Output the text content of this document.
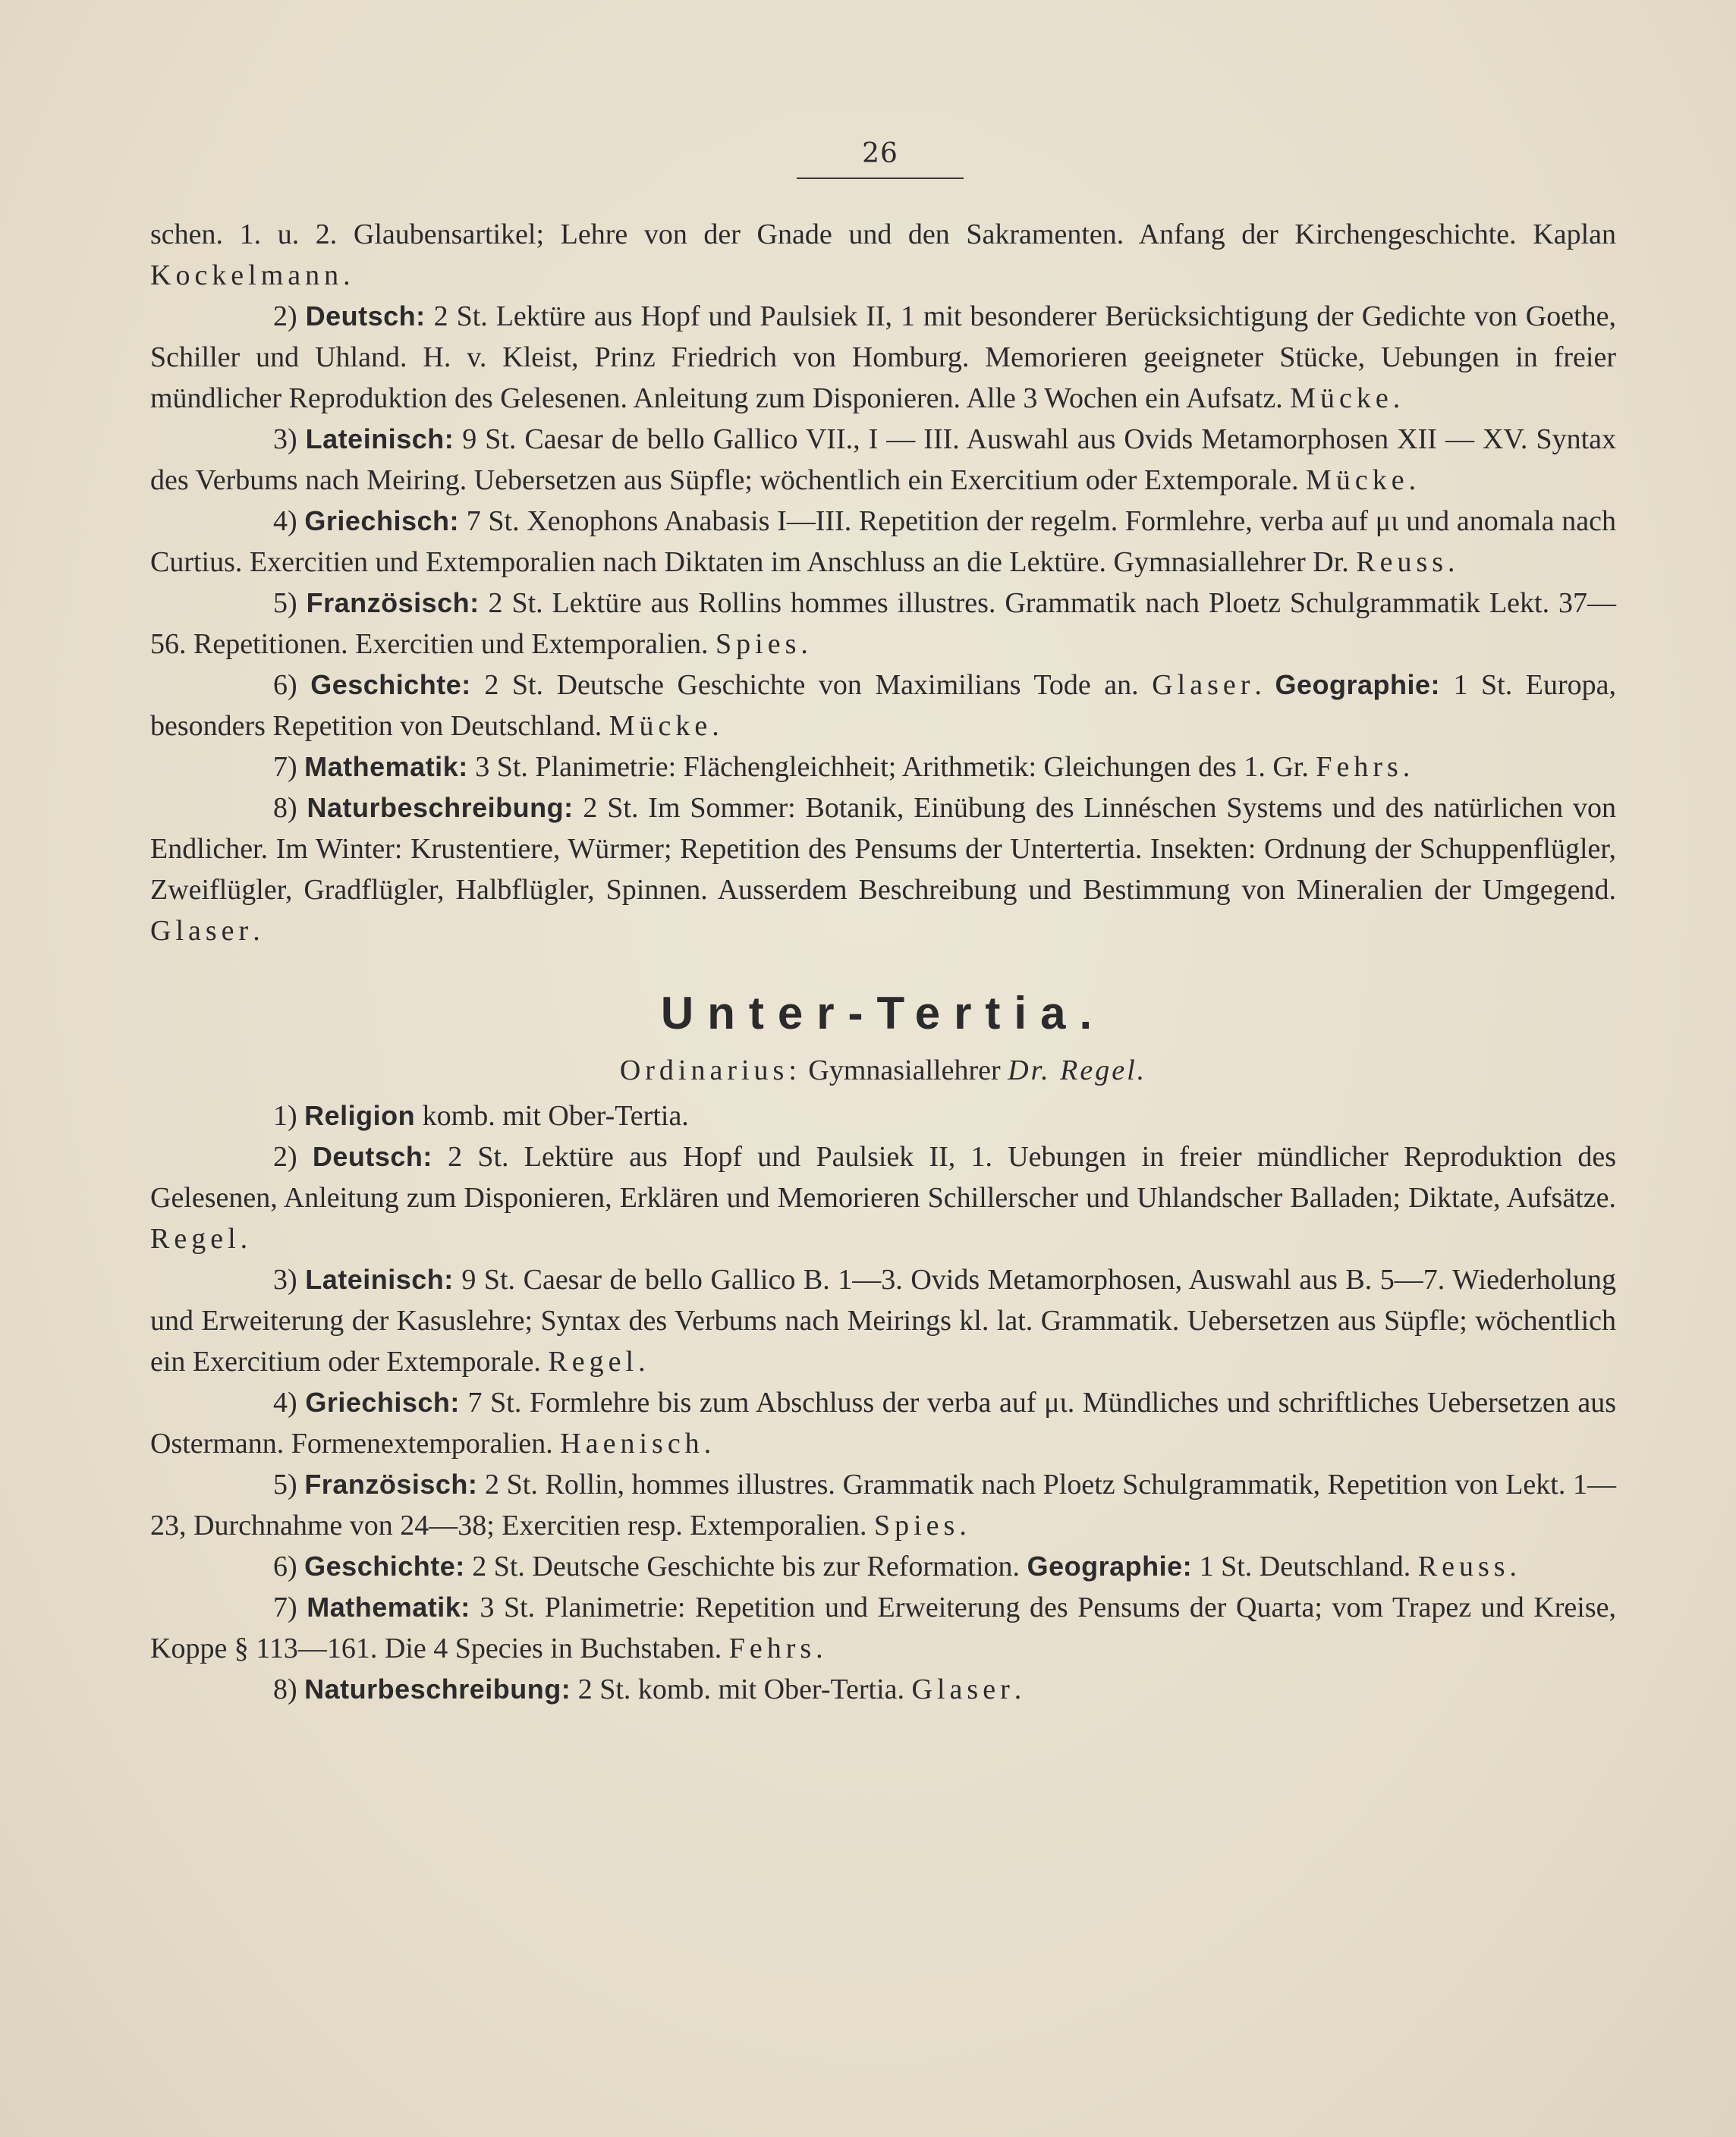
26

schen. 1. u. 2. Glaubensartikel; Lehre von der Gnade und den Sakramenten. Anfang der Kirchengeschichte. Kaplan Kockelmann.

2) Deutsch: 2 St. Lektüre aus Hopf und Paulsiek II, 1 mit besonderer Berücksichtigung der Gedichte von Goethe, Schiller und Uhland. H. v. Kleist, Prinz Friedrich von Homburg. Memorieren geeigneter Stücke, Uebungen in freier mündlicher Reproduktion des Gelesenen. Anleitung zum Disponieren. Alle 3 Wochen ein Aufsatz. Mücke.

3) Lateinisch: 9 St. Caesar de bello Gallico VII., I — III. Auswahl aus Ovids Metamorphosen XII — XV. Syntax des Verbums nach Meiring. Uebersetzen aus Süpfle; wöchentlich ein Exercitium oder Extemporale. Mücke.

4) Griechisch: 7 St. Xenophons Anabasis I—III. Repetition der regelm. Formlehre, verba auf μι und anomala nach Curtius. Exercitien und Extemporalien nach Diktaten im Anschluss an die Lektüre. Gymnasiallehrer Dr. Reuss.

5) Französisch: 2 St. Lektüre aus Rollins hommes illustres. Grammatik nach Ploetz Schulgrammatik Lekt. 37—56. Repetitionen. Exercitien und Extemporalien. Spies.

6) Geschichte: 2 St. Deutsche Geschichte von Maximilians Tode an. Glaser. Geographie: 1 St. Europa, besonders Repetition von Deutschland. Mücke.

7) Mathematik: 3 St. Planimetrie: Flächengleichheit; Arithmetik: Gleichungen des 1. Gr. Fehrs.

8) Naturbeschreibung: 2 St. Im Sommer: Botanik, Einübung des Linnéschen Systems und des natürlichen von Endlicher. Im Winter: Krustentiere, Würmer; Repetition des Pensums der Untertertia. Insekten: Ordnung der Schuppenflügler, Zweiflügler, Gradflügler, Halbflügler, Spinnen. Ausserdem Beschreibung und Bestimmung von Mineralien der Umgegend. Glaser.

Unter-Tertia.

Ordinarius: Gymnasiallehrer Dr. Regel.

1) Religion komb. mit Ober-Tertia.

2) Deutsch: 2 St. Lektüre aus Hopf und Paulsiek II, 1. Uebungen in freier mündlicher Reproduktion des Gelesenen, Anleitung zum Disponieren, Erklären und Memorieren Schillerscher und Uhlandscher Balladen; Diktate, Aufsätze. Regel.

3) Lateinisch: 9 St. Caesar de bello Gallico B. 1—3. Ovids Metamorphosen, Auswahl aus B. 5—7. Wiederholung und Erweiterung der Kasuslehre; Syntax des Verbums nach Meirings kl. lat. Grammatik. Uebersetzen aus Süpfle; wöchentlich ein Exercitium oder Extemporale. Regel.

4) Griechisch: 7 St. Formlehre bis zum Abschluss der verba auf μι. Mündliches und schriftliches Uebersetzen aus Ostermann. Formenextemporalien. Haenisch.

5) Französisch: 2 St. Rollin, hommes illustres. Grammatik nach Ploetz Schulgrammatik, Repetition von Lekt. 1—23, Durchnahme von 24—38; Exercitien resp. Extemporalien. Spies.

6) Geschichte: 2 St. Deutsche Geschichte bis zur Reformation. Geographie: 1 St. Deutschland. Reuss.

7) Mathematik: 3 St. Planimetrie: Repetition und Erweiterung des Pensums der Quarta; vom Trapez und Kreise, Koppe § 113—161. Die 4 Species in Buchstaben. Fehrs.

8) Naturbeschreibung: 2 St. komb. mit Ober-Tertia. Glaser.
